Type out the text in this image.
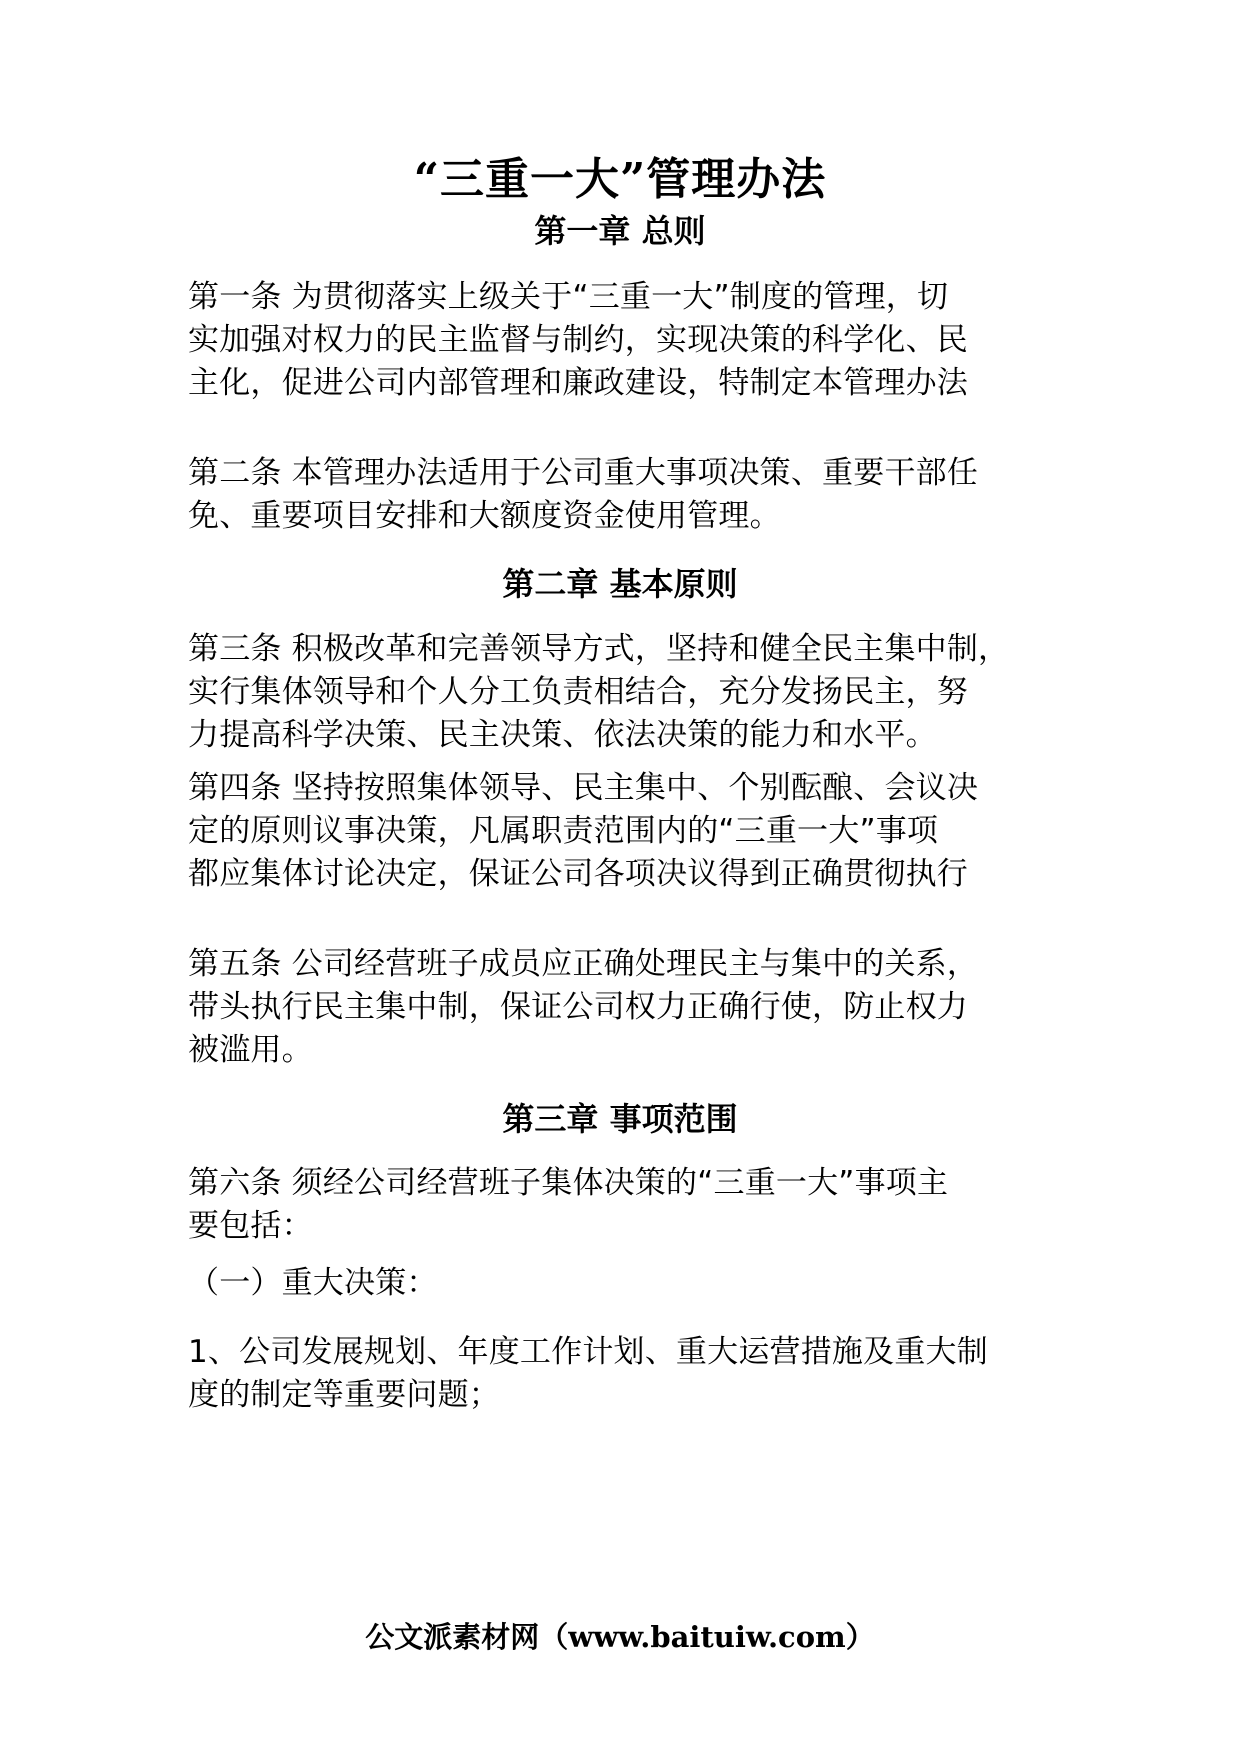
“三重一大”管理办法
第一章 总则
第一条 为贯彻落实上级关于“三重一大”制度的管理，切
实加强对权力的民主监督与制约，实现决策的科学化、民
主化，促进公司内部管理和廉政建设，特制定本管理办法
第二条 本管理办法适用于公司重大事项决策、重要干部任
免、重要项目安排和大额度资金使用管理。
第二章 基本原则
第三条 积极改革和完善领导方式，坚持和健全民主集中制，
实行集体领导和个人分工负责相结合，充分发扬民主，努
力提高科学决策、民主决策、依法决策的能力和水平。
第四条 坚持按照集体领导、民主集中、个别酝酿、会议决
定的原则议事决策，凡属职责范围内的“三重一大”事项
都应集体讨论决定，保证公司各项决议得到正确贯彻执行
第五条 公司经营班子成员应正确处理民主与集中的关系，
带头执行民主集中制，保证公司权力正确行使，防止权力
被滥用。
第三章 事项范围
第六条 须经公司经营班子集体决策的“三重一大”事项主
要包括：
（一）重大决策：
1、公司发展规划、年度工作计划、重大运营措施及重大制
度的制定等重要问题；
公文派素材网（www.baituiw.com）
